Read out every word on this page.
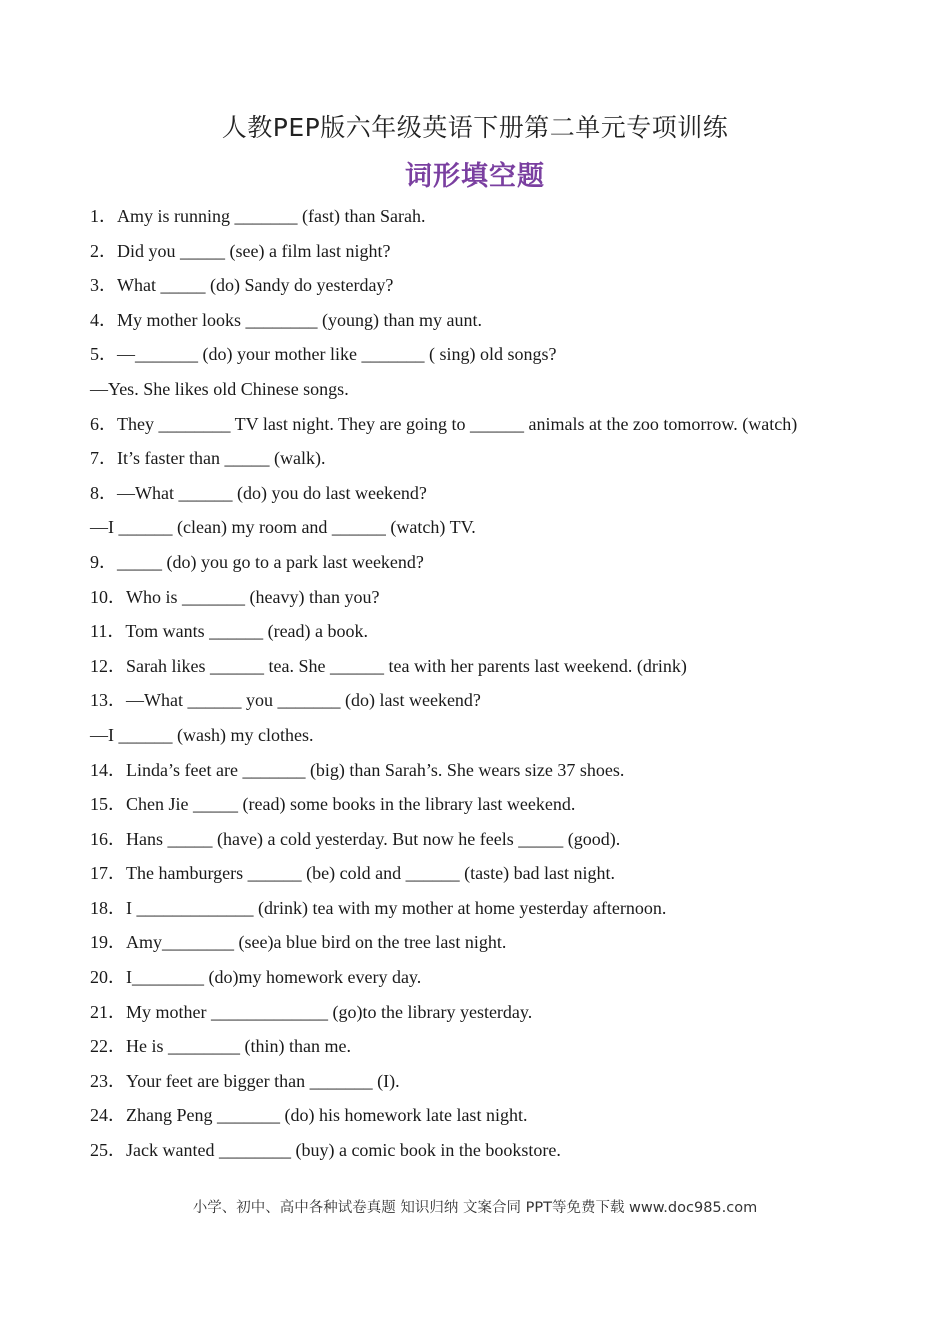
人教PEP版六年级英语下册第二单元专项训练
词形填空题
1．Amy is running _______ (fast) than Sarah.
2．Did you _____ (see) a film last night?
3．What _____ (do) Sandy do yesterday?
4．My mother looks ________ (young) than my aunt.
5．—_______ (do) your mother like _______ ( sing) old songs?
—Yes. She likes old Chinese songs.
6．They ________ TV last night. They are going to ______ animals at the zoo tomorrow. (watch)
7．It’s faster than _____ (walk).
8．—What ______ (do) you do last weekend?
—I ______ (clean) my room and ______ (watch) TV.
9．_____ (do) you go to a park last weekend?
10．Who is _______ (heavy) than you?
11．Tom wants ______ (read) a book.
12．Sarah likes ______ tea. She ______ tea with her parents last weekend. (drink)
13．—What ______ you _______ (do) last weekend?
—I ______ (wash) my clothes.
14．Linda’s feet are _______ (big) than Sarah’s. She wears size 37 shoes.
15．Chen Jie _____ (read) some books in the library last weekend.
16．Hans _____ (have) a cold yesterday. But now he feels _____ (good).
17．The hamburgers ______ (be) cold and ______ (taste) bad last night.
18．I _____________ (drink) tea with my mother at home yesterday afternoon.
19．Amy________ (see)a blue bird on the tree last night.
20．I________ (do)my homework every day.
21．My mother _____________ (go)to the library yesterday.
22．He is ________ (thin) than me.
23．Your feet are bigger than _______ (I).
24．Zhang Peng _______ (do) his homework late last night.
25．Jack wanted ________ (buy) a comic book in the bookstore.
小学、初中、高中各种试卷真题 知识归纳 文案合同 PPT等免费下载 www.doc985.com
